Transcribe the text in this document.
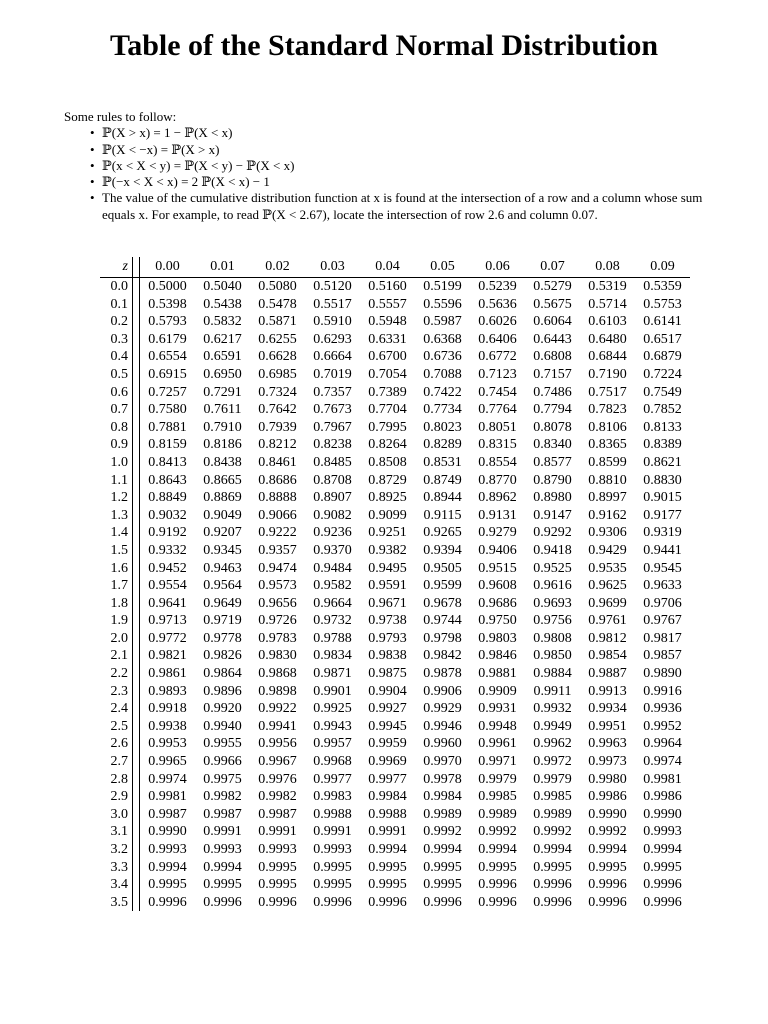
Table of the Standard Normal Distribution

Some rules to follow:

• ℙ(X > x) = 1 − ℙ(X < x)
• ℙ(X < −x) = ℙ(X > x)
• ℙ(x < X < y) = ℙ(X < y) − ℙ(X < x)
• ℙ(−x < X < x) = 2 ℙ(X < x) − 1
• The value of the cumulative distribution function at x is found at the intersection of a row and a column whose sum equals x. For example, to read ℙ(X < 2.67), locate the intersection of row 2.6 and column 0.07.
z		0.00	0.01	0.02	0.03	0.04	0.05	0.06	0.07	0.08	0.09
0.0		0.5000	0.5040	0.5080	0.5120	0.5160	0.5199	0.5239	0.5279	0.5319	0.5359
0.1		0.5398	0.5438	0.5478	0.5517	0.5557	0.5596	0.5636	0.5675	0.5714	0.5753
0.2		0.5793	0.5832	0.5871	0.5910	0.5948	0.5987	0.6026	0.6064	0.6103	0.6141
0.3		0.6179	0.6217	0.6255	0.6293	0.6331	0.6368	0.6406	0.6443	0.6480	0.6517
0.4		0.6554	0.6591	0.6628	0.6664	0.6700	0.6736	0.6772	0.6808	0.6844	0.6879
0.5		0.6915	0.6950	0.6985	0.7019	0.7054	0.7088	0.7123	0.7157	0.7190	0.7224
0.6		0.7257	0.7291	0.7324	0.7357	0.7389	0.7422	0.7454	0.7486	0.7517	0.7549
0.7		0.7580	0.7611	0.7642	0.7673	0.7704	0.7734	0.7764	0.7794	0.7823	0.7852
0.8		0.7881	0.7910	0.7939	0.7967	0.7995	0.8023	0.8051	0.8078	0.8106	0.8133
0.9		0.8159	0.8186	0.8212	0.8238	0.8264	0.8289	0.8315	0.8340	0.8365	0.8389
1.0		0.8413	0.8438	0.8461	0.8485	0.8508	0.8531	0.8554	0.8577	0.8599	0.8621
1.1		0.8643	0.8665	0.8686	0.8708	0.8729	0.8749	0.8770	0.8790	0.8810	0.8830
1.2		0.8849	0.8869	0.8888	0.8907	0.8925	0.8944	0.8962	0.8980	0.8997	0.9015
1.3		0.9032	0.9049	0.9066	0.9082	0.9099	0.9115	0.9131	0.9147	0.9162	0.9177
1.4		0.9192	0.9207	0.9222	0.9236	0.9251	0.9265	0.9279	0.9292	0.9306	0.9319
1.5		0.9332	0.9345	0.9357	0.9370	0.9382	0.9394	0.9406	0.9418	0.9429	0.9441
1.6		0.9452	0.9463	0.9474	0.9484	0.9495	0.9505	0.9515	0.9525	0.9535	0.9545
1.7		0.9554	0.9564	0.9573	0.9582	0.9591	0.9599	0.9608	0.9616	0.9625	0.9633
1.8		0.9641	0.9649	0.9656	0.9664	0.9671	0.9678	0.9686	0.9693	0.9699	0.9706
1.9		0.9713	0.9719	0.9726	0.9732	0.9738	0.9744	0.9750	0.9756	0.9761	0.9767
2.0		0.9772	0.9778	0.9783	0.9788	0.9793	0.9798	0.9803	0.9808	0.9812	0.9817
2.1		0.9821	0.9826	0.9830	0.9834	0.9838	0.9842	0.9846	0.9850	0.9854	0.9857
2.2		0.9861	0.9864	0.9868	0.9871	0.9875	0.9878	0.9881	0.9884	0.9887	0.9890
2.3		0.9893	0.9896	0.9898	0.9901	0.9904	0.9906	0.9909	0.9911	0.9913	0.9916
2.4		0.9918	0.9920	0.9922	0.9925	0.9927	0.9929	0.9931	0.9932	0.9934	0.9936
2.5		0.9938	0.9940	0.9941	0.9943	0.9945	0.9946	0.9948	0.9949	0.9951	0.9952
2.6		0.9953	0.9955	0.9956	0.9957	0.9959	0.9960	0.9961	0.9962	0.9963	0.9964
2.7		0.9965	0.9966	0.9967	0.9968	0.9969	0.9970	0.9971	0.9972	0.9973	0.9974
2.8		0.9974	0.9975	0.9976	0.9977	0.9977	0.9978	0.9979	0.9979	0.9980	0.9981
2.9		0.9981	0.9982	0.9982	0.9983	0.9984	0.9984	0.9985	0.9985	0.9986	0.9986
3.0		0.9987	0.9987	0.9987	0.9988	0.9988	0.9989	0.9989	0.9989	0.9990	0.9990
3.1		0.9990	0.9991	0.9991	0.9991	0.9991	0.9992	0.9992	0.9992	0.9992	0.9993
3.2		0.9993	0.9993	0.9993	0.9993	0.9994	0.9994	0.9994	0.9994	0.9994	0.9994
3.3		0.9994	0.9994	0.9995	0.9995	0.9995	0.9995	0.9995	0.9995	0.9995	0.9995
3.4		0.9995	0.9995	0.9995	0.9995	0.9995	0.9995	0.9996	0.9996	0.9996	0.9996
3.5		0.9996	0.9996	0.9996	0.9996	0.9996	0.9996	0.9996	0.9996	0.9996	0.9996
